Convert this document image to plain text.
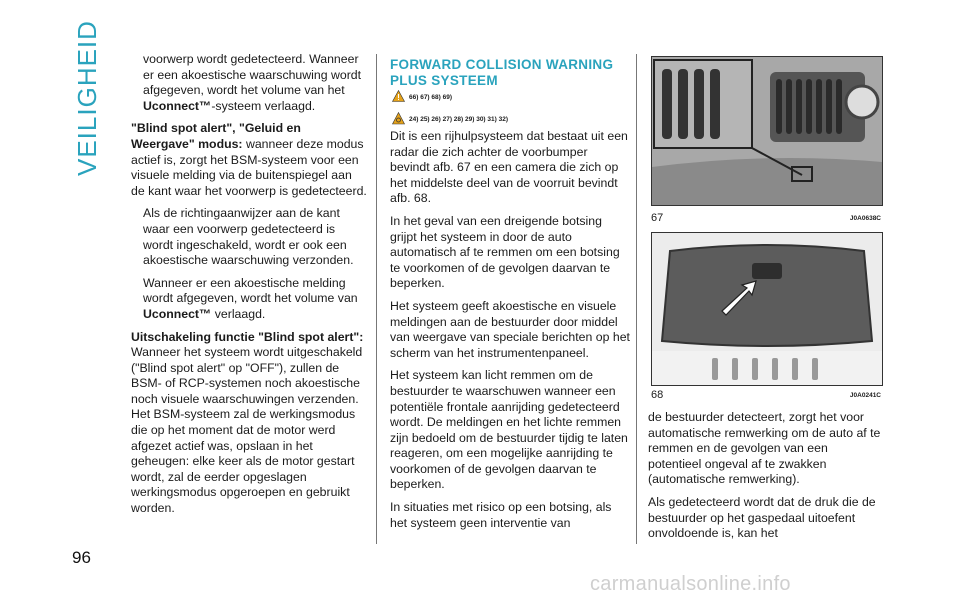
VEILIGHEID
96

voorwerp wordt gedetecteerd. Wanneer er een akoestische waarschuwing wordt afgegeven, wordt het volume van het Uconnect™-systeem verlaagd.

"Blind spot alert", "Geluid en Weergave" modus: wanneer deze modus actief is, zorgt het BSM-systeem voor een visuele melding via de buitenspiegel aan de kant waar het voorwerp is gedetecteerd.

Als de richtingaanwijzer aan de kant waar een voorwerp gedetecteerd is wordt ingeschakeld, wordt er ook een akoestische waarschuwing verzonden.

Wanneer er een akoestische melding wordt afgegeven, wordt het volume van Uconnect™ verlaagd.

Uitschakeling functie "Blind spot alert": Wanneer het systeem wordt uitgeschakeld ("Blind spot alert" op "OFF"), zullen de BSM- of RCP-systemen noch akoestische noch visuele waarschuwingen verzenden. Het BSM-systeem zal de werkingsmodus die op het moment dat de motor werd afgezet actief was, opslaan in het geheugen: elke keer als de motor gestart wordt, zal de eerder opgeslagen werkingsmodus opgeroepen en gebruikt worden.

FORWARD COLLISION WARNING PLUS SYSTEEM
66) 67) 68) 69)
24) 25) 26) 27) 28) 29) 30) 31) 32)

Dit is een rijhulpsysteem dat bestaat uit een radar die zich achter de voorbumper bevindt afb. 67 en een camera die zich op het middelste deel van de voorruit bevindt afb. 68.

In het geval van een dreigende botsing grijpt het systeem in door de auto automatisch af te remmen om een botsing te voorkomen of de gevolgen daarvan te beperken.

Het systeem geeft akoestische en visuele meldingen aan de bestuurder door middel van weergave van speciale berichten op het scherm van het instrumentenpaneel.

Het systeem kan licht remmen om de bestuurder te waarschuwen wanneer een potentiële frontale aanrijding gedetecteerd wordt. De meldingen en het lichte remmen zijn bedoeld om de bestuurder tijdig te laten reageren, om een mogelijke aanrijding te voorkomen of de gevolgen daarvan te beperken.

In situaties met risico op een botsing, als het systeem geen interventie van

67	J0A0638C
68	J0A0241C

de bestuurder detecteert, zorgt het voor automatische remwerking om de auto af te remmen en de gevolgen van een potentieel ongeval af te zwakken (automatische remwerking).

Als gedetecteerd wordt dat de druk die de bestuurder op het gaspedaal uitoefent onvoldoende is, kan het

carmanualsonline.info
